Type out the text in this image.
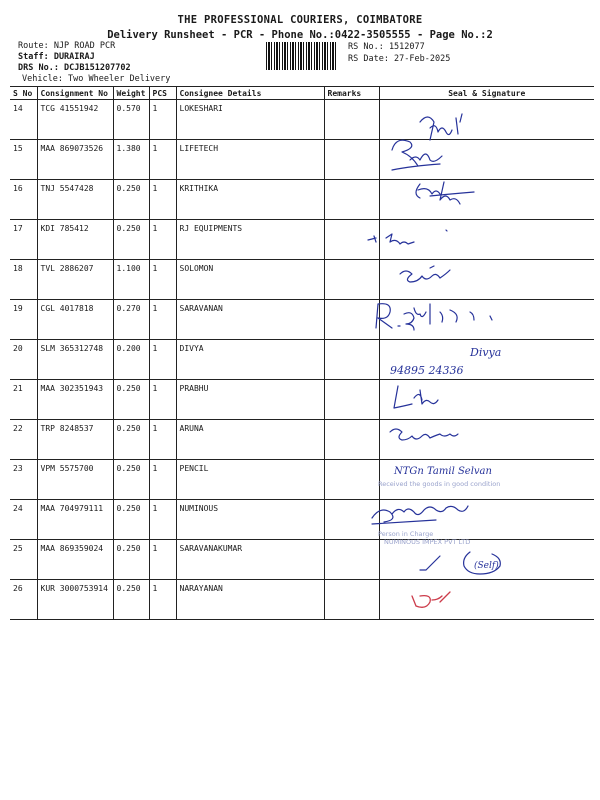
THE PROFESSIONAL COURIERS, COIMBATORE
Delivery Runsheet - PCR - Phone No.:0422-3505555 - Page No.:2
Route: NJP ROAD PCR
Staff: DURAIRAJ
DRS No.: DCJB151207702
Vehicle: Two Wheeler Delivery
RS No.: 1512077
RS Date: 27-Feb-2025
S No	Consignment No	Weight	PCS	Consignee Details	Remarks	Seal & Signature
14	TCG 41551942	0.570	1	LOKESHARI		
15	MAA 869073526	1.380	1	LIFETECH		
16	TNJ 5547428	0.250	1	KRITHIKA		
17	KDI 785412	0.250	1	RJ EQUIPMENTS		
18	TVL 2886207	1.100	1	SOLOMON		
19	CGL 4017818	0.270	1	SARAVANAN		
20	SLM 365312748	0.200	1	DIVYA		
21	MAA 302351943	0.250	1	PRABHU		
22	TRP 8248537	0.250	1	ARUNA		
23	VPM 5575700	0.250	1	PENCIL		
24	MAA 704979111	0.250	1	NUMINOUS		
25	MAA 869359024	0.250	1	SARAVANAKUMAR		
26	KUR 3000753914	0.250	1	NARAYANAN		
Divya
94895 24336
NTGn Tamil Selvan
(Self)
Received the goods in good condition
Person in Charge
NUMINOUS IMPEX PVT LTD
